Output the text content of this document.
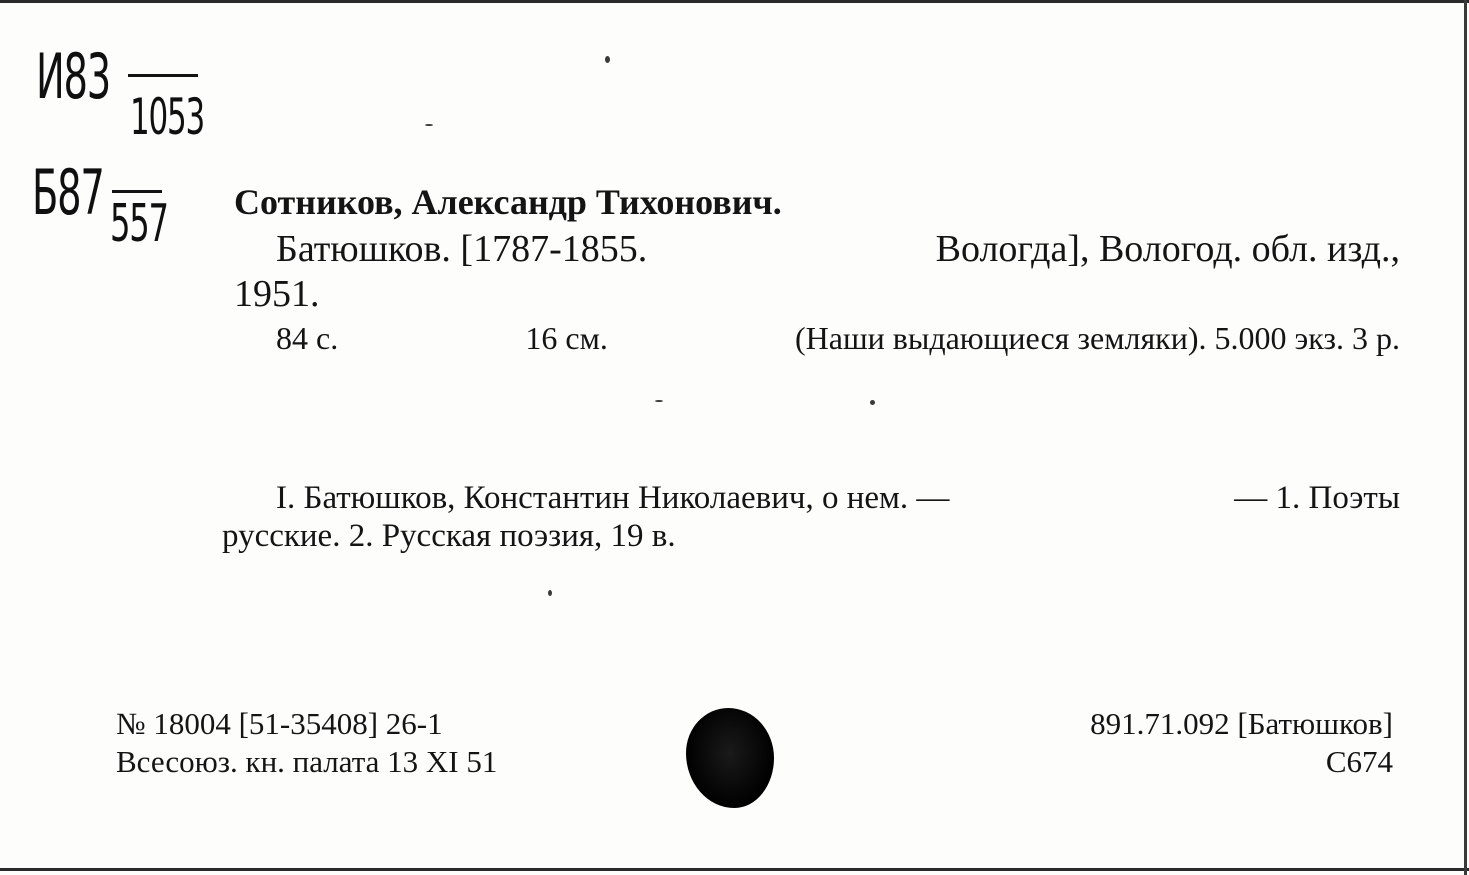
И83
1053
Б87 557 Сотников, Александр Тихонович.
Батюшков. [1787-1855.	Вологда], Вологод. обл. изд.,
1951.
84 с.	16 см.	(Наши выдающиеся земляки). 5.000 экз. 3 р.
I. Батюшков, Константин Николаевич, о нем. —	— 1. Поэты
русские. 2. Русская поэзия, 19 в.
№ 18004 [51-35408] 26-1
Всесоюз. кн. палата 13 XI 51
891.71.092 [Батюшков]
С674
